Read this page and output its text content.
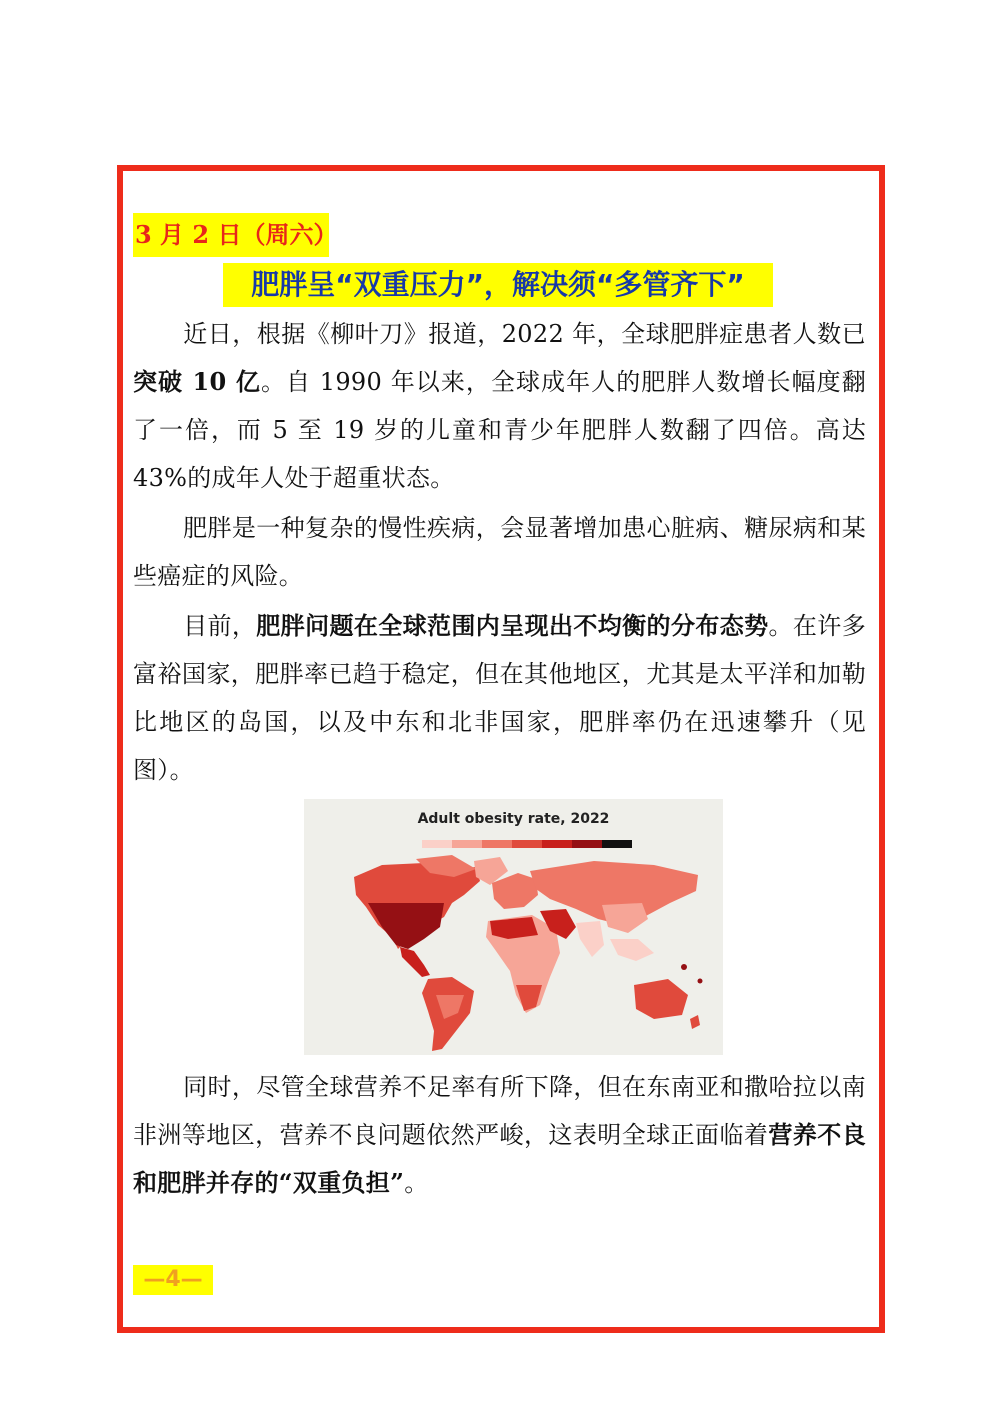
3 月 2 日（周六）
肥胖呈“双重压力”，解决须“多管齐下”
近日，根据《柳叶刀》报道，2022 年，全球肥胖症患者人数已突破 10 亿。自 1990 年以来，全球成年人的肥胖人数增长幅度翻了一倍，而 5 至 19 岁的儿童和青少年肥胖人数翻了四倍。高达 43%的成年人处于超重状态。
肥胖是一种复杂的慢性疾病，会显著增加患心脏病、糖尿病和某些癌症的风险。
目前，肥胖问题在全球范围内呈现出不均衡的分布态势。在许多富裕国家，肥胖率已趋于稳定，但在其他地区，尤其是太平洋和加勒比地区的岛国，以及中东和北非国家，肥胖率仍在迅速攀升（见图）。
Adult obesity rate, 2022
同时，尽管全球营养不足率有所下降，但在东南亚和撒哈拉以南非洲等地区，营养不良问题依然严峻，这表明全球正面临着营养不良和肥胖并存的“双重负担”。
—4—
